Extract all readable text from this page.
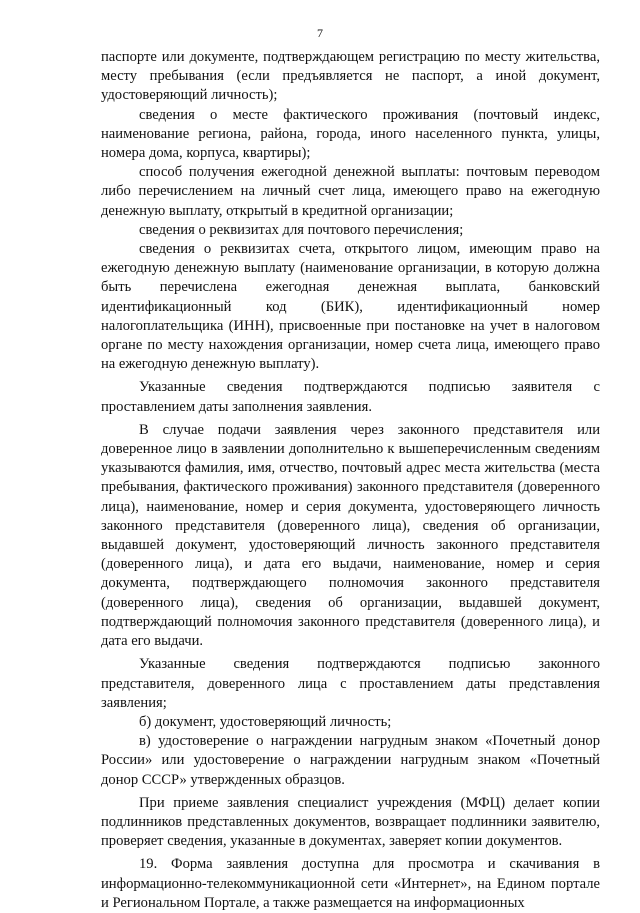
7

паспорте или документе, подтверждающем регистрацию по месту жительства, месту пребывания (если предъявляется не паспорт, а иной документ, удостоверяющий личность);

сведения о месте фактического проживания (почтовый индекс, наименование региона, района, города, иного населенного пункта, улицы, номера дома, корпуса, квартиры);

способ получения ежегодной денежной выплаты: почтовым переводом либо перечислением на личный счет лица, имеющего право на ежегодную денежную выплату, открытый в кредитной организации;

сведения о реквизитах для почтового перечисления;

сведения о реквизитах счета, открытого лицом, имеющим право на ежегодную денежную выплату (наименование организации, в которую должна быть перечислена ежегодная денежная выплата, банковский идентификационный код (БИК), идентификационный номер налогоплательщика (ИНН), присвоенные при постановке на учет в налоговом органе по месту нахождения организации, номер счета лица, имеющего право на ежегодную денежную выплату).

Указанные сведения подтверждаются подписью заявителя с проставлением даты заполнения заявления.

В случае подачи заявления через законного представителя или доверенное лицо в заявлении дополнительно к вышеперечисленным сведениям указываются фамилия, имя, отчество, почтовый адрес места жительства (места пребывания, фактического проживания) законного представителя (доверенного лица), наименование, номер и серия документа, удостоверяющего личность законного представителя (доверенного лица), сведения об организации, выдавшей документ, удостоверяющий личность законного представителя (доверенного лица), и дата его выдачи, наименование, номер и серия документа, подтверждающего полномочия законного представителя (доверенного лица), сведения об организации, выдавшей документ, подтверждающий полномочия законного представителя (доверенного лица), и дата его выдачи.

Указанные сведения подтверждаются подписью законного представителя, доверенного лица с проставлением даты представления заявления;

б) документ, удостоверяющий личность;

в) удостоверение о награждении нагрудным знаком «Почетный донор России» или удостоверение о награждении нагрудным знаком «Почетный донор СССР» утвержденных образцов.

При приеме заявления специалист учреждения (МФЦ) делает копии подлинников представленных документов, возвращает подлинники заявителю, проверяет сведения, указанные в документах, заверяет копии документов.

19. Форма заявления доступна для просмотра и скачивания в информационно-телекоммуникационной сети «Интернет», на Едином портале и Региональном Портале, а также размещается на информационных
